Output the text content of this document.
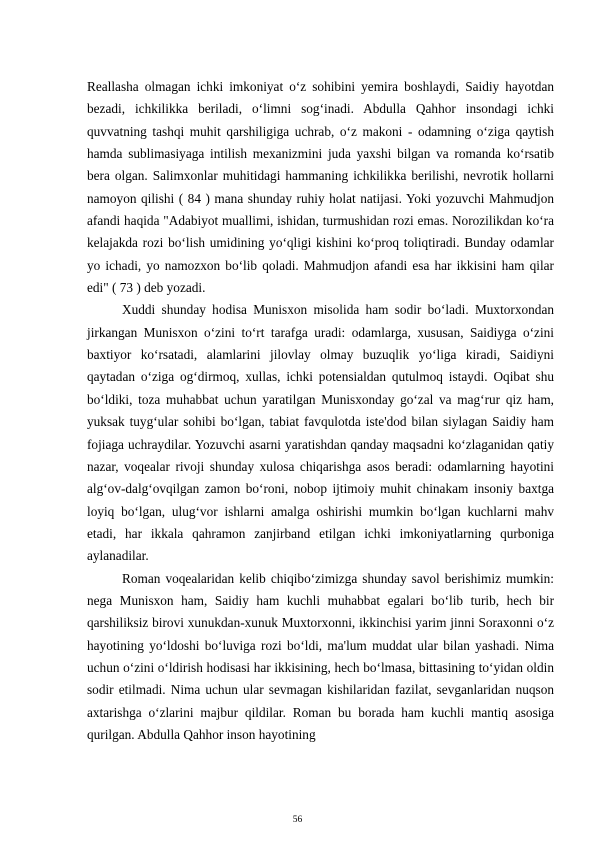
Reallasha olmagan ichki imkoniyat o‘z sohibini yemira boshlaydi, Saidiy hayotdan bezadi, ichkilikka beriladi, o‘limni sog‘inadi. Abdulla Qahhor insondagi ichki quvvatning tashqi muhit qarshiligiga uchrab, o‘z makoni - odamning o‘ziga qaytish hamda sublimasiyaga intilish mexanizmini juda yaxshi bilgan va romanda ko‘rsatib bera olgan. Salimxonlar muhitidagi hammaning ichkilikka berilishi, nevrotik hollarni namoyon qilishi ( 84 ) mana shunday ruhiy holat natijasi. Yoki yozuvchi Mahmudjon afandi haqida "Adabiyot muallimi, ishidan, turmushidan rozi emas. Norozilikdan ko‘ra kelajakda rozi bo‘lish umidining yo‘qligi kishini ko‘proq toliqtiradi. Bunday odamlar yo ichadi, yo namozxon bo‘lib qoladi. Mahmudjon afandi esa har ikkisini ham qilar edi" ( 73 ) deb yozadi.

Xuddi shunday hodisa Munisxon misolida ham sodir bo‘ladi. Muxtorxondan jirkangan Munisxon o‘zini to‘rt tarafga uradi: odamlarga, xususan, Saidiyga o‘zini baxtiyor ko‘rsatadi, alamlarini jilovlay olmay buzuqlik yo‘liga kiradi, Saidiyni qaytadan o‘ziga og‘dirmoq, xullas, ichki potensialdan qutulmoq istaydi. Oqibat shu bo‘ldiki, toza muhabbat uchun yaratilgan Munisxonday go‘zal va mag‘rur qiz ham, yuksak tuyg‘ular sohibi bo‘lgan, tabiat favqulotda iste'dod bilan siylagan Saidiy ham fojiaga uchraydilar. Yozuvchi asarni yaratishdan qanday maqsadni ko‘zlaganidan qatiy nazar, voqealar rivoji shunday xulosa chiqarishga asos beradi: odamlarning hayotini alg‘ov-dalg‘ovqilgan zamon bo‘roni, nobop ijtimoiy muhit chinakam insoniy baxtga loyiq bo‘lgan, ulug‘vor ishlarni amalga oshirishi mumkin bo‘lgan kuchlarni mahv etadi, har ikkala qahramon zanjirband etilgan ichki imkoniyatlarning qurboniga aylanadilar.

Roman voqealaridan kelib chiqibo‘zimizga shunday savol berishimiz mumkin: nega Munisxon ham, Saidiy ham kuchli muhabbat egalari bo‘lib turib, hech bir qarshiliksiz birovi xunukdan-xunuk Muxtorxonni, ikkinchisi yarim jinni Soraxonni o‘z hayotining yo‘ldoshi bo‘luviga rozi bo‘ldi, ma'lum muddat ular bilan yashadi. Nima uchun o‘zini o‘ldirish hodisasi har ikkisining, hech bo‘lmasa, bittasining to‘yidan oldin sodir etilmadi. Nima uchun ular sevmagan kishilaridan fazilat, sevganlaridan nuqson axtarishga o‘zlarini majbur qildilar. Roman bu borada ham kuchli mantiq asosiga qurilgan. Abdulla Qahhor inson hayotining

56
